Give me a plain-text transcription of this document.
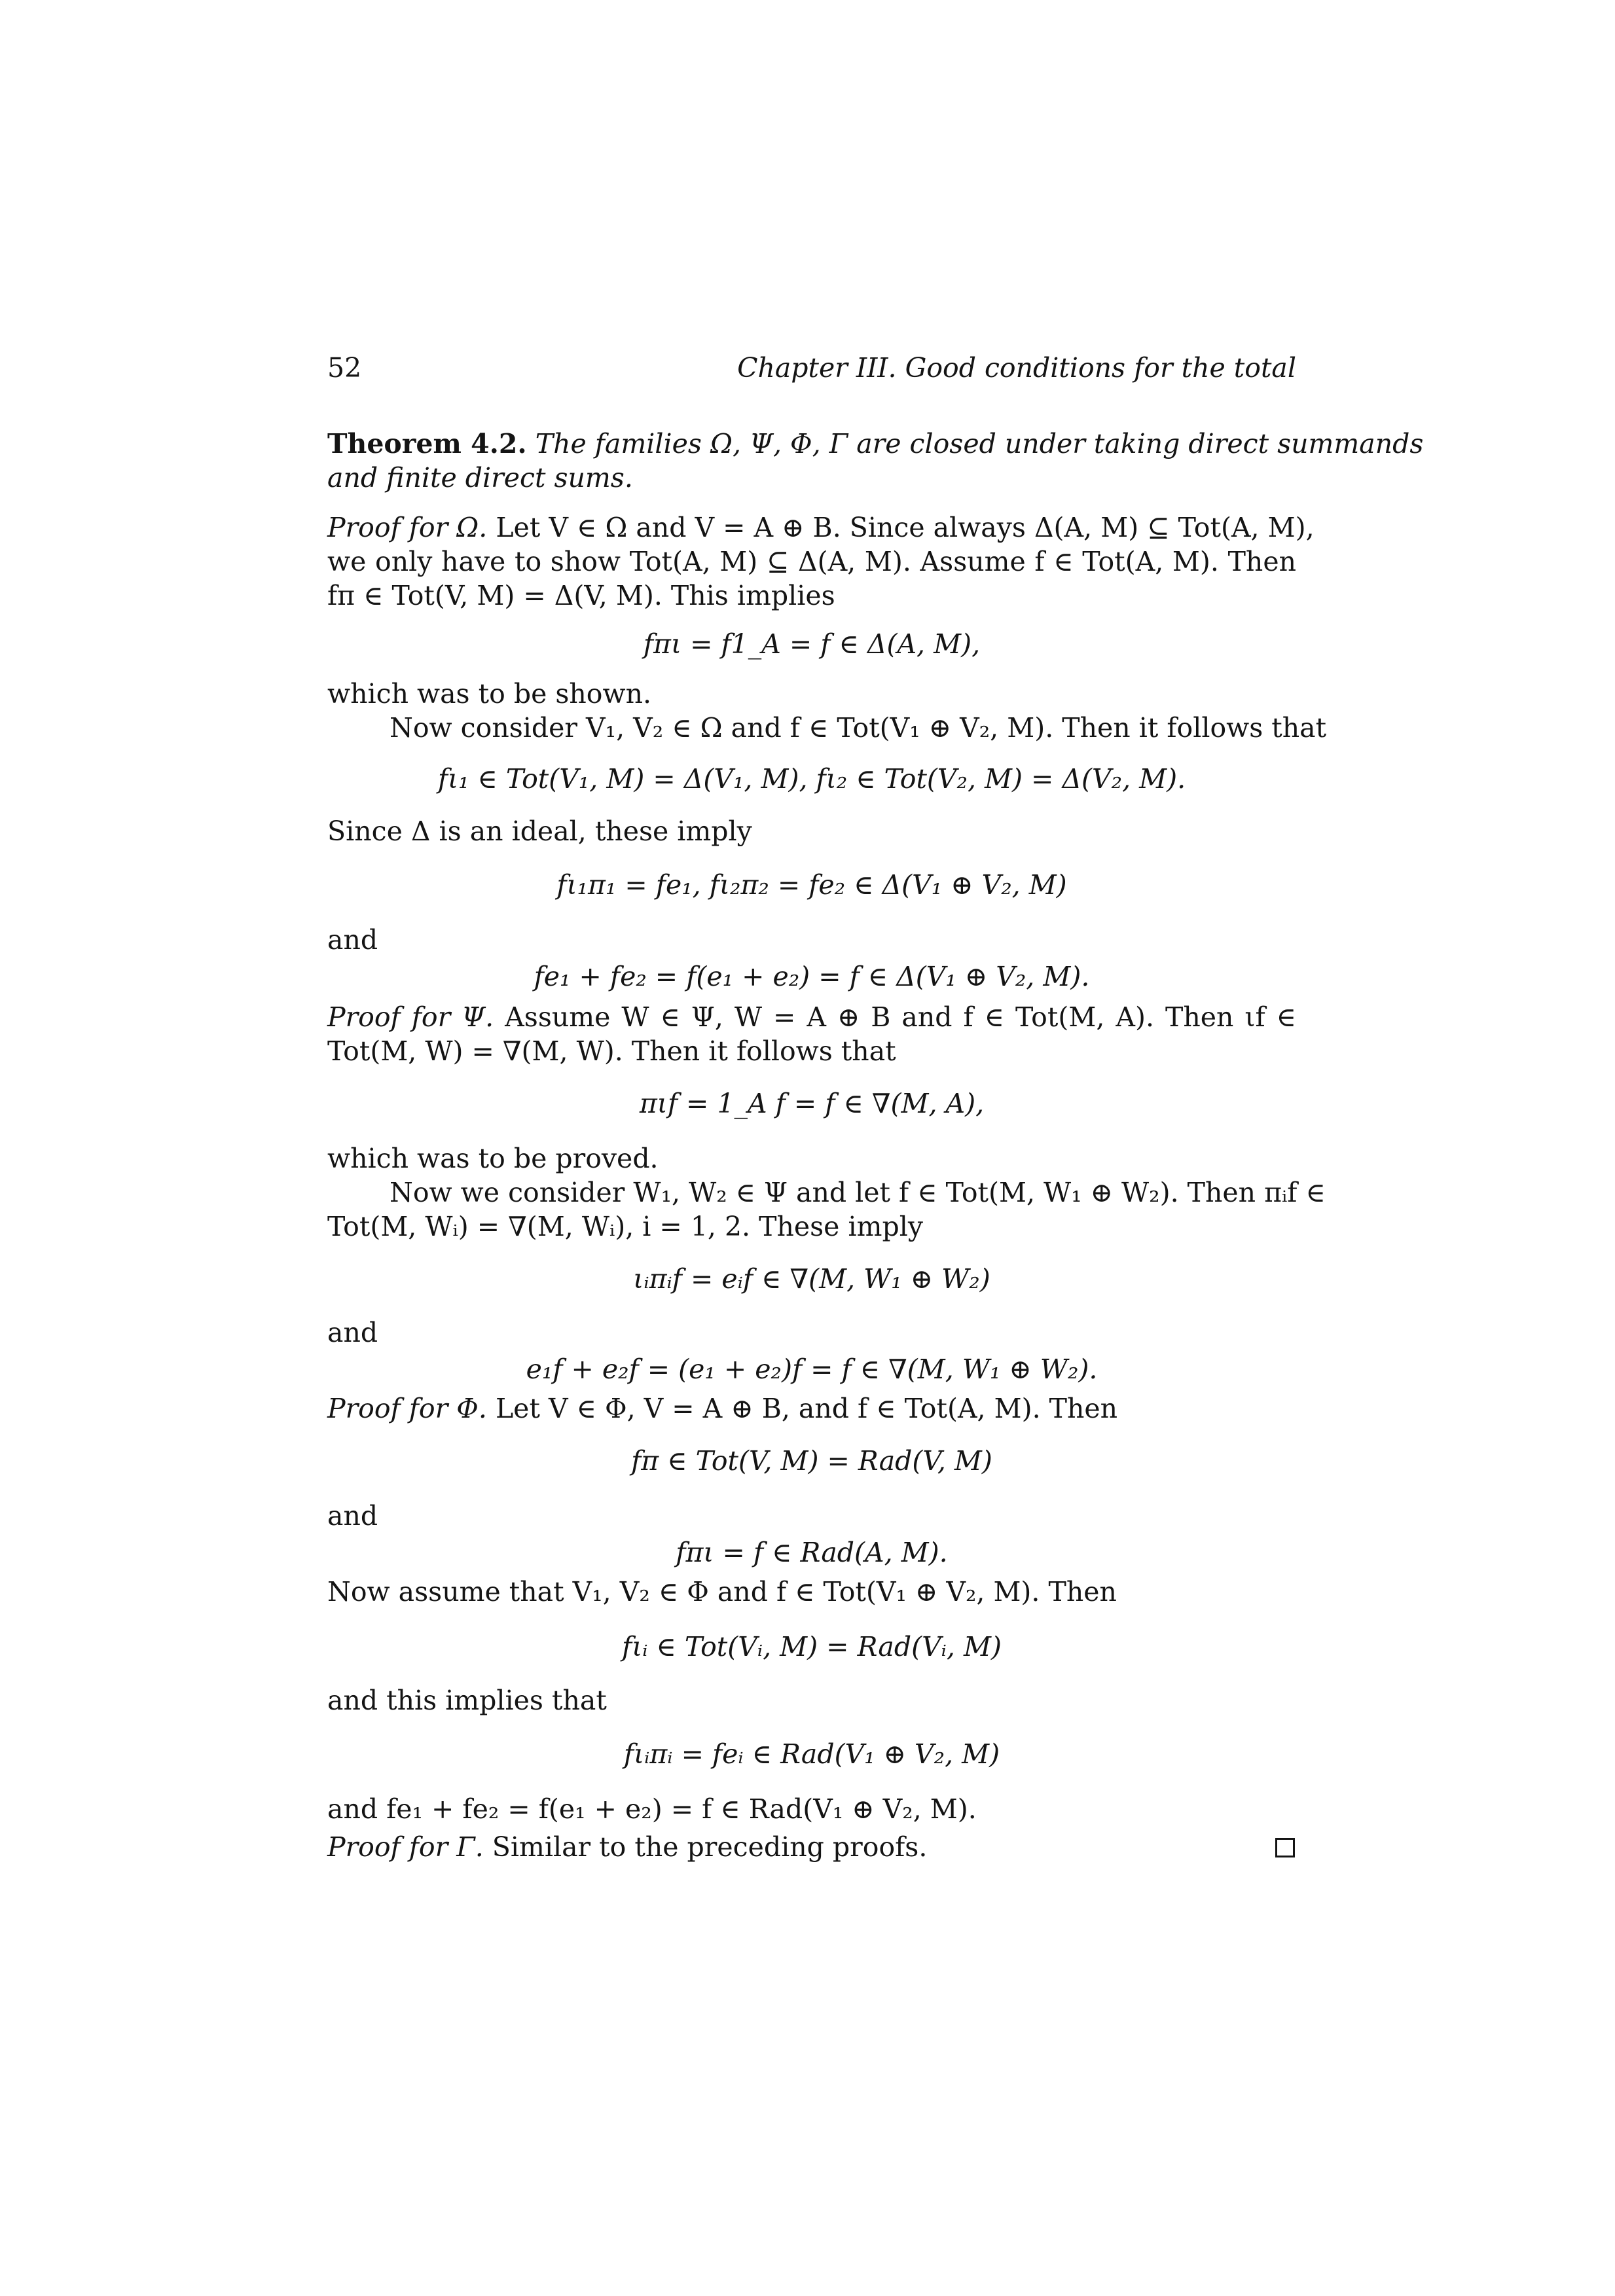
52	Chapter III. Good conditions for the total
Theorem 4.2. The families Ω, Ψ, Φ, Γ are closed under taking direct summands
and finite direct sums.
Proof for Ω. Let V ∈ Ω and V = A ⊕ B. Since always Δ(A, M) ⊆ Tot(A, M),
we only have to show Tot(A, M) ⊆ Δ(A, M). Assume f ∈ Tot(A, M). Then
fπ ∈ Tot(V, M) = Δ(V, M). This implies
fπι = f1_A = f ∈ Δ(A, M),
which was to be shown.
Now consider V₁, V₂ ∈ Ω and f ∈ Tot(V₁ ⊕ V₂, M). Then it follows that
fι₁ ∈ Tot(V₁, M) = Δ(V₁, M), fι₂ ∈ Tot(V₂, M) = Δ(V₂, M).
Since Δ is an ideal, these imply
fι₁π₁ = fe₁, fι₂π₂ = fe₂ ∈ Δ(V₁ ⊕ V₂, M)
and
fe₁ + fe₂ = f(e₁ + e₂) = f ∈ Δ(V₁ ⊕ V₂, M).
Proof for Ψ. Assume W ∈ Ψ, W = A ⊕ B and f ∈ Tot(M, A). Then ιf ∈
Tot(M, W) = ∇(M, W). Then it follows that
πιf = 1_A f = f ∈ ∇(M, A),
which was to be proved.
Now we consider W₁, W₂ ∈ Ψ and let f ∈ Tot(M, W₁ ⊕ W₂). Then πᵢf ∈
Tot(M, Wᵢ) = ∇(M, Wᵢ), i = 1, 2. These imply
ιᵢπᵢf = eᵢf ∈ ∇(M, W₁ ⊕ W₂)
and
e₁f + e₂f = (e₁ + e₂)f = f ∈ ∇(M, W₁ ⊕ W₂).
Proof for Φ. Let V ∈ Φ, V = A ⊕ B, and f ∈ Tot(A, M). Then
fπ ∈ Tot(V, M) = Rad(V, M)
and
fπι = f ∈ Rad(A, M).
Now assume that V₁, V₂ ∈ Φ and f ∈ Tot(V₁ ⊕ V₂, M). Then
fιᵢ ∈ Tot(Vᵢ, M) = Rad(Vᵢ, M)
and this implies that
fιᵢπᵢ = feᵢ ∈ Rad(V₁ ⊕ V₂, M)
and fe₁ + fe₂ = f(e₁ + e₂) = f ∈ Rad(V₁ ⊕ V₂, M).
Proof for Γ. Similar to the preceding proofs.
